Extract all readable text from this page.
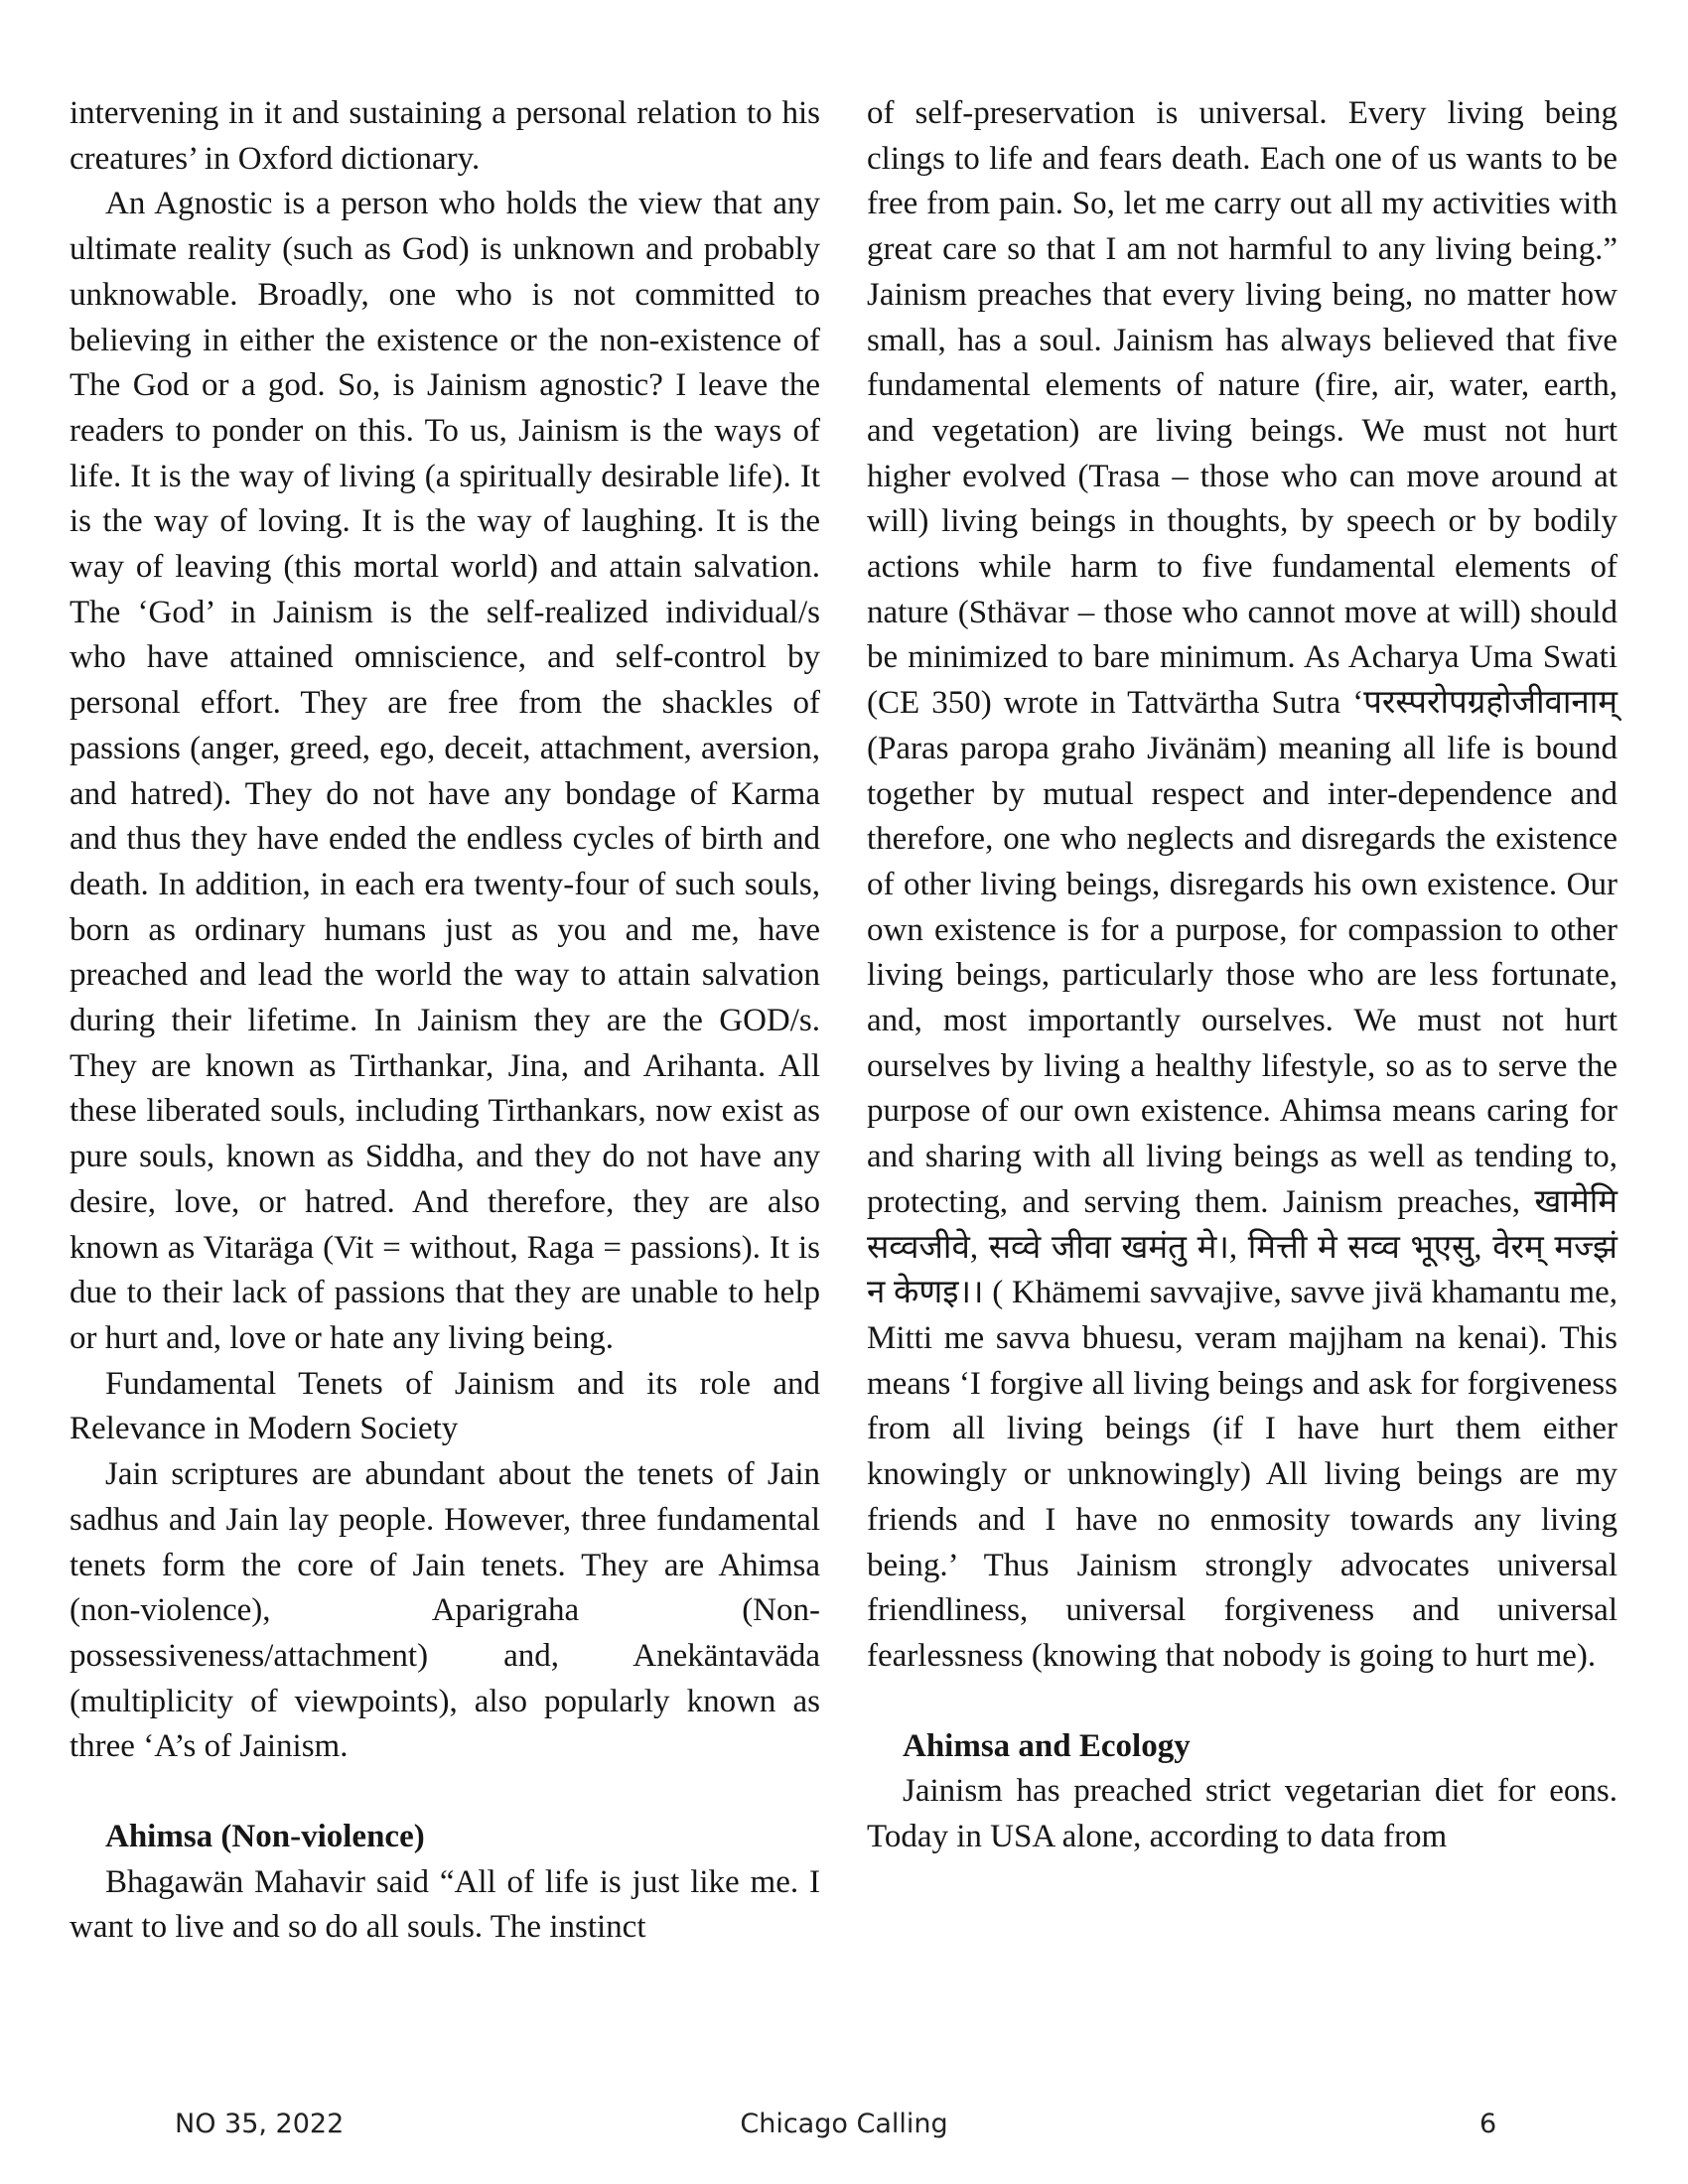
intervening in it and sustaining a personal relation to his creatures’ in Oxford dictionary.

An Agnostic is a person who holds the view that any ultimate reality (such as God) is unknown and probably unknowable. Broadly, one who is not committed to believing in either the existence or the non-existence of The God or a god. So, is Jainism agnostic? I leave the readers to ponder on this. To us, Jainism is the ways of life. It is the way of living (a spiritually desirable life). It is the way of loving. It is the way of laughing. It is the way of leaving (this mortal world) and attain salvation. The ‘God’ in Jainism is the self-realized individual/s who have attained omniscience, and self-control by personal effort. They are free from the shackles of passions (anger, greed, ego, deceit, attachment, aversion, and hatred). They do not have any bondage of Karma and thus they have ended the endless cycles of birth and death. In addition, in each era twenty-four of such souls, born as ordinary humans just as you and me, have preached and lead the world the way to attain salvation during their lifetime. In Jainism they are the GOD/s. They are known as Tirthankar, Jina, and Arihanta. All these liberated souls, including Tirthankars, now exist as pure souls, known as Siddha, and they do not have any desire, love, or hatred. And therefore, they are also known as Vitaräga (Vit = without, Raga = passions). It is due to their lack of passions that they are unable to help or hurt and, love or hate any living being.

Fundamental Tenets of Jainism and its role and Relevance in Modern Society

Jain scriptures are abundant about the tenets of Jain sadhus and Jain lay people. However, three fundamental tenets form the core of Jain tenets. They are Ahimsa (non-violence), Aparigraha (Non-possessiveness/attachment) and, Anekäntaväda (multiplicity of viewpoints), also popularly known as three ‘A’s of Jainism.

Ahimsa (Non-violence)

Bhagawän Mahavir said “All of life is just like me. I want to live and so do all souls. The instinct

of self-preservation is universal. Every living being clings to life and fears death. Each one of us wants to be free from pain. So, let me carry out all my activities with great care so that I am not harmful to any living being.” Jainism preaches that every living being, no matter how small, has a soul. Jainism has always believed that five fundamental elements of nature (fire, air, water, earth, and vegetation) are living beings. We must not hurt higher evolved (Trasa – those who can move around at will) living beings in thoughts, by speech or by bodily actions while harm to five fundamental elements of nature (Sthävar – those who cannot move at will) should be minimized to bare minimum. As Acharya Uma Swati (CE 350) wrote in Tattvärtha Sutra ‘परस्परोपग्रहोजीवानाम् (Paras paropa graho Jivänäm) meaning all life is bound together by mutual respect and inter-dependence and therefore, one who neglects and disregards the existence of other living beings, disregards his own existence. Our own existence is for a purpose, for compassion to other living beings, particularly those who are less fortunate, and, most importantly ourselves. We must not hurt ourselves by living a healthy lifestyle, so as to serve the purpose of our own existence. Ahimsa means caring for and sharing with all living beings as well as tending to, protecting, and serving them. Jainism preaches, खामेमि सव्वजीवे, सव्वे जीवा खमंतु मे।, मित्ती मे सव्व भूएसु, वेरम् मज्झं न केणइ।। ( Khämemi savvajive, savve jivä khamantu me, Mitti me savva bhuesu, veram majjham na kenai). This means ‘I forgive all living beings and ask for forgiveness from all living beings (if I have hurt them either knowingly or unknowingly) All living beings are my friends and I have no enmosity towards any living being.’ Thus Jainism strongly advocates universal friendliness, universal forgiveness and universal fearlessness (knowing that nobody is going to hurt me).

Ahimsa and Ecology

Jainism has preached strict vegetarian diet for eons. Today in USA alone, according to data from

NO 35, 2022	Chicago Calling	6
